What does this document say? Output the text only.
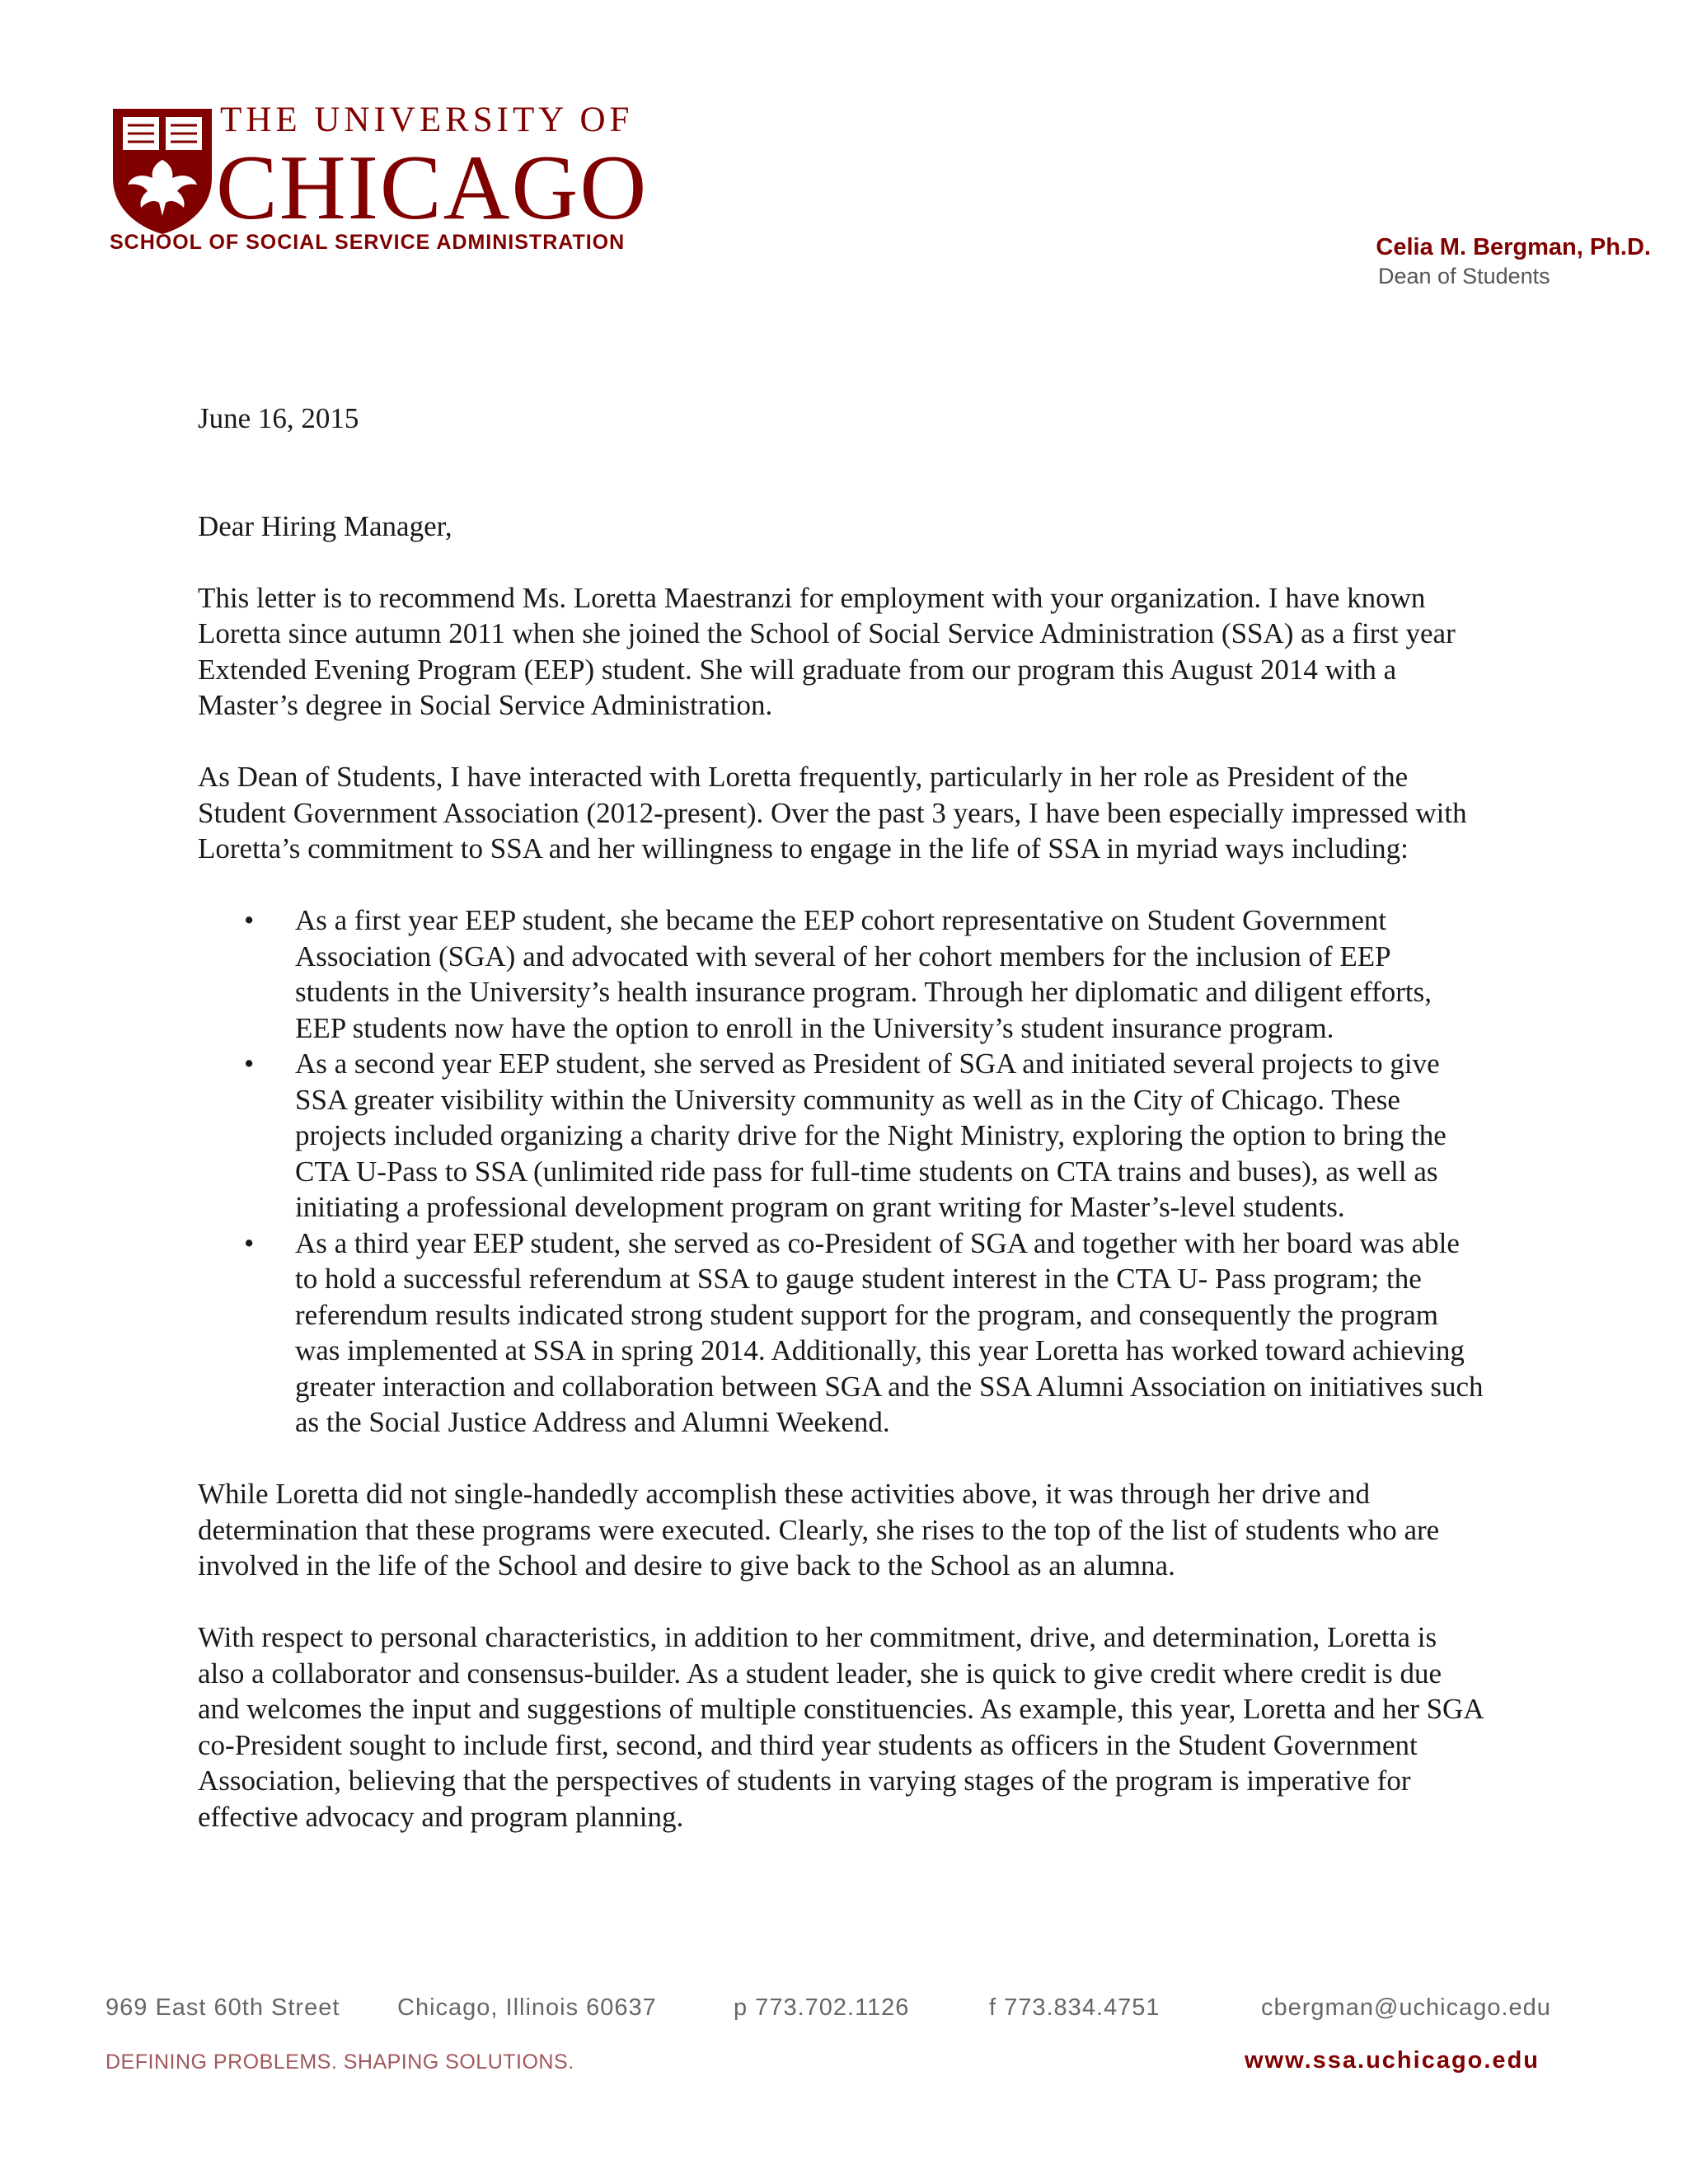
THE UNIVERSITY OF
CHICAGO
SCHOOL OF SOCIAL SERVICE ADMINISTRATION	Celia M. Bergman, Ph.D.
Dean of Students

June 16, 2015

Dear Hiring Manager,

This letter is to recommend Ms. Loretta Maestranzi for employment with your organization. I have known Loretta since autumn 2011 when she joined the School of Social Service Administration (SSA) as a first year Extended Evening Program (EEP) student. She will graduate from our program this August 2014 with a Master’s degree in Social Service Administration.

As Dean of Students, I have interacted with Loretta frequently, particularly in her role as President of the Student Government Association (2012-present). Over the past 3 years, I have been especially impressed with Loretta’s commitment to SSA and her willingness to engage in the life of SSA in myriad ways including:

• As a first year EEP student, she became the EEP cohort representative on Student Government Association (SGA) and advocated with several of her cohort members for the inclusion of EEP students in the University’s health insurance program. Through her diplomatic and diligent efforts, EEP students now have the option to enroll in the University’s student insurance program.
• As a second year EEP student, she served as President of SGA and initiated several projects to give SSA greater visibility within the University community as well as in the City of Chicago. These projects included organizing a charity drive for the Night Ministry, exploring the option to bring the CTA U-Pass to SSA (unlimited ride pass for full-time students on CTA trains and buses), as well as initiating a professional development program on grant writing for Master’s-level students.
• As a third year EEP student, she served as co-President of SGA and together with her board was able to hold a successful referendum at SSA to gauge student interest in the CTA U- Pass program; the referendum results indicated strong student support for the program, and consequently the program was implemented at SSA in spring 2014. Additionally, this year Loretta has worked toward achieving greater interaction and collaboration between SGA and the SSA Alumni Association on initiatives such as the Social Justice Address and Alumni Weekend.

While Loretta did not single-handedly accomplish these activities above, it was through her drive and determination that these programs were executed. Clearly, she rises to the top of the list of students who are involved in the life of the School and desire to give back to the School as an alumna.

With respect to personal characteristics, in addition to her commitment, drive, and determination, Loretta is also a collaborator and consensus-builder. As a student leader, she is quick to give credit where credit is due and welcomes the input and suggestions of multiple constituencies. As example, this year, Loretta and her SGA co-President sought to include first, second, and third year students as officers in the Student Government Association, believing that the perspectives of students in varying stages of the program is imperative for effective advocacy and program planning.

969 East 60th Street Chicago, Illinois 60637	p 773.702.1126	f 773.834.4751	cbergman@uchicago.edu
DEFINING PROBLEMS. SHAPING SOLUTIONS.	www.ssa.uchicago.edu
